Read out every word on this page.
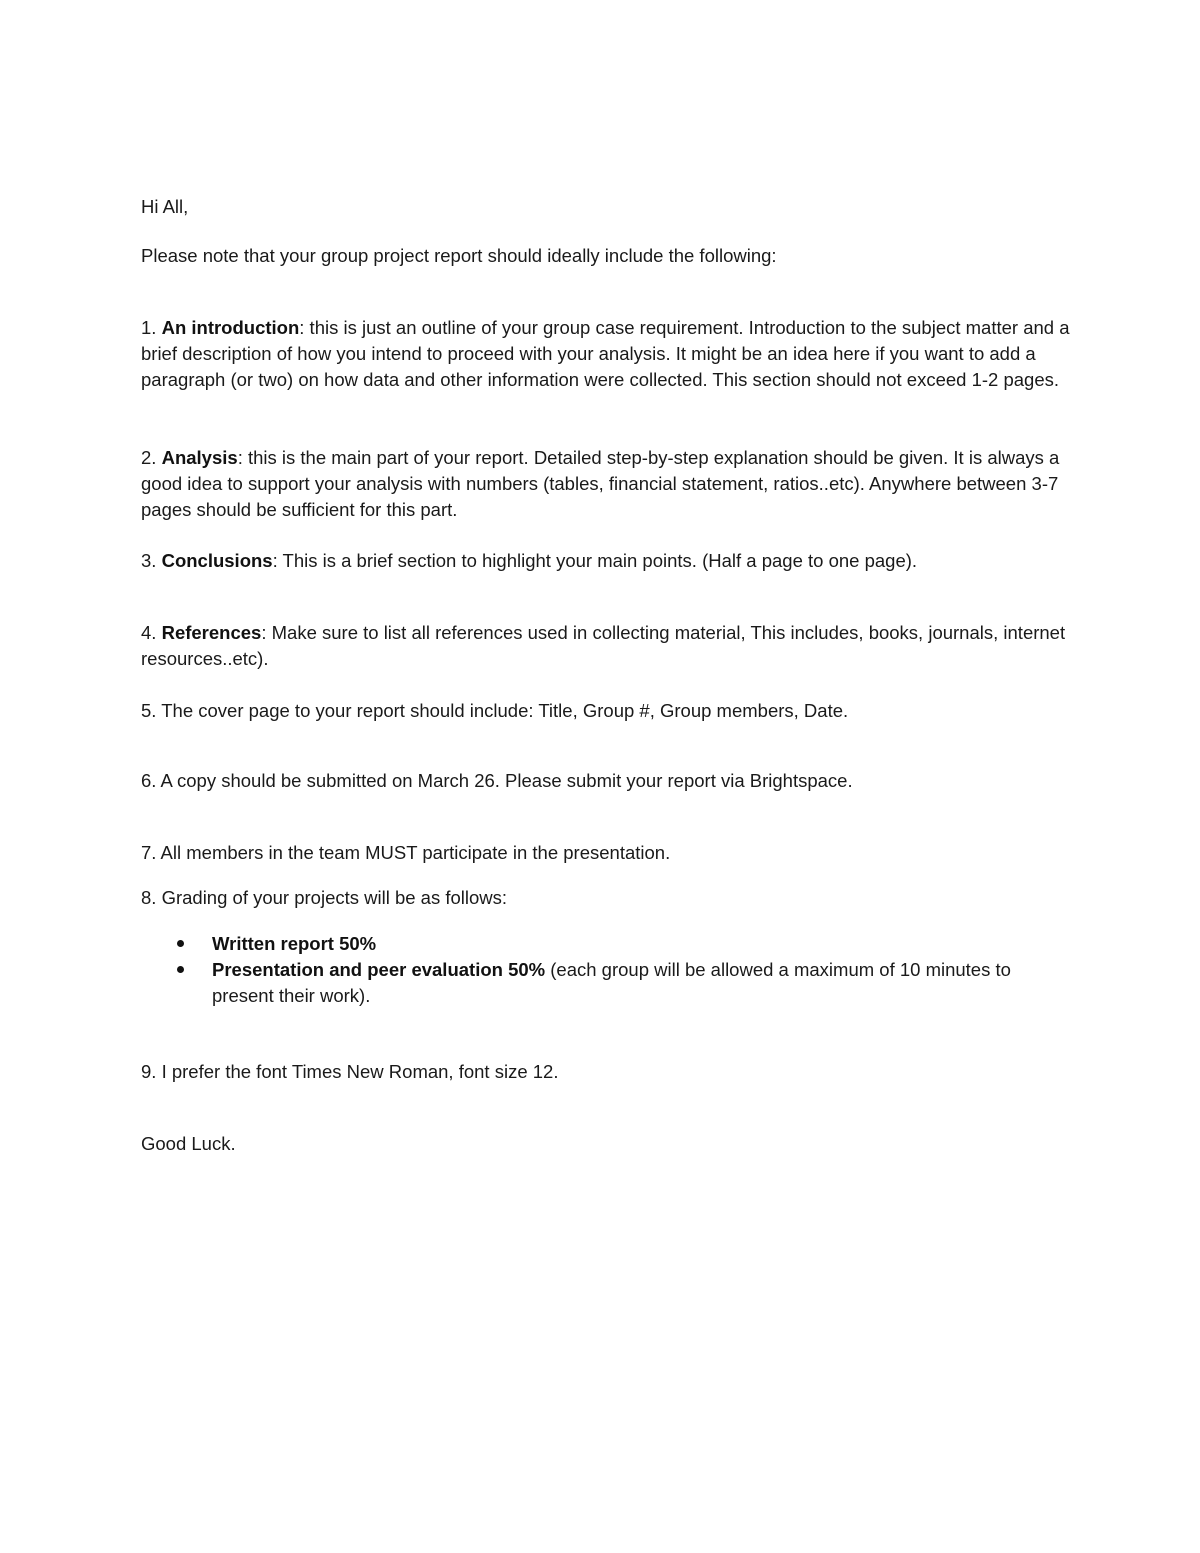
Hi All,

Please note that your group project report should ideally include the following:

1. An introduction: this is just an outline of your group case requirement. Introduction to the subject matter and a brief description of how you intend to proceed with your analysis. It might be an idea here if you want to add a paragraph (or two) on how data and other information were collected. This section should not exceed 1-2 pages.

2. Analysis: this is the main part of your report. Detailed step-by-step explanation should be given. It is always a good idea to support your analysis with numbers (tables, financial statement, ratios..etc). Anywhere between 3-7 pages should be sufficient for this part.

3. Conclusions: This is a brief section to highlight your main points. (Half a page to one page).

4. References: Make sure to list all references used in collecting material, This includes, books, journals, internet resources..etc).

5. The cover page to your report should include: Title, Group #, Group members, Date.

6. A copy should be submitted on March 26. Please submit your report via Brightspace.

7. All members in the team MUST participate in the presentation.

8. Grading of your projects will be as follows:

Written report 50%
Presentation and peer evaluation 50% (each group will be allowed a maximum of 10 minutes to present their work).

9. I prefer the font Times New Roman, font size 12.

Good Luck.
